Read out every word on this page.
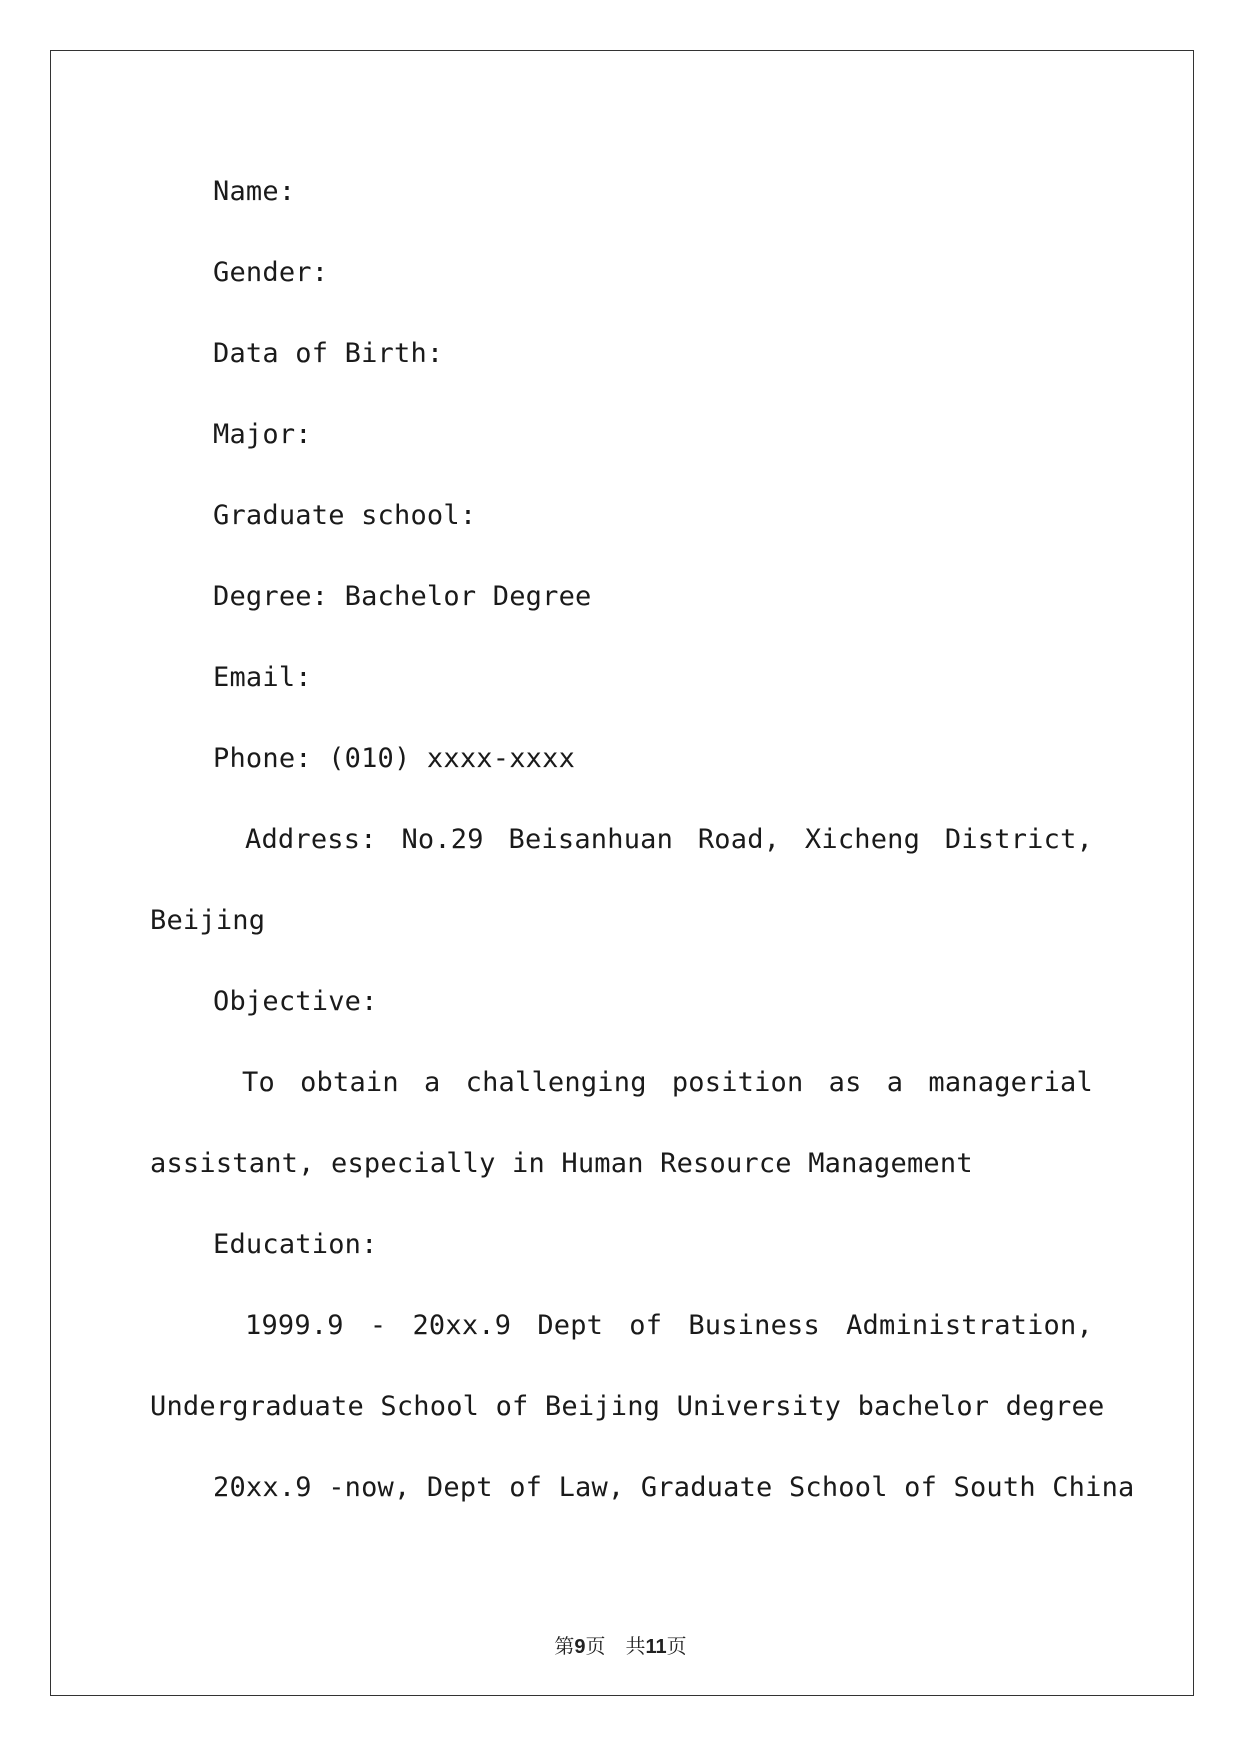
Name:
Gender:
Data of Birth:
Major:
Graduate school:
Degree: Bachelor Degree
Email:
Phone: (010) xxxx-xxxx
Address: No.29 Beisanhuan Road, Xicheng District,
Beijing
Objective:
To obtain a challenging position as a managerial
assistant, especially in Human Resource Management
Education:
1999.9 - 20xx.9 Dept of Business Administration,
Undergraduate School of Beijing University bachelor degree
20xx.9 -now, Dept of Law, Graduate School of South China
第9页 共11页
